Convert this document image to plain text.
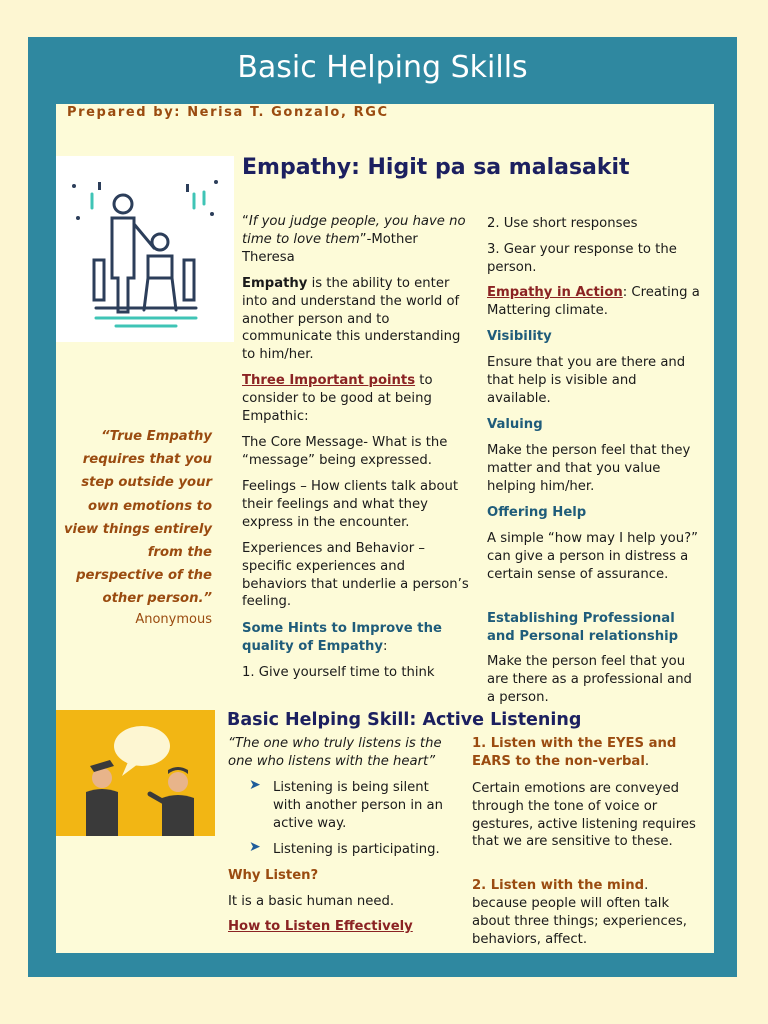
Basic Helping Skills
Prepared by: Nerisa T. Gonzalo, RGC
Empathy: Higit pa sa malasakit
“If you judge people, you have no time to love them”-Mother Theresa
Empathy is the ability to enter into and understand the world of another person and to communicate this understanding to him/her.
Three Important points to consider to be good at being Empathic:
The Core Message- What is the “message” being expressed.
Feelings – How clients talk about their feelings and what they express in the encounter.
Experiences and Behavior – specific experiences and behaviors that underlie a person’s feeling.
Some Hints to Improve the quality of Empathy:
1. Give yourself time to think
2. Use short responses
3. Gear your response to the person.
Empathy in Action: Creating a Mattering climate.
Visibility
Ensure that you are there and that help is visible and available.
Valuing
Make the person feel that they matter and that you value helping him/her.
Offering Help
A simple “how may I help you?” can give a person in distress a certain sense of assurance.
Establishing Professional and Personal relationship
Make the person feel that you are there as a professional and a person.
“True Empathy requires that you step outside your own emotions to view things entirely from the perspective of the other person.”
Anonymous
Basic Helping Skill: Active Listening
“The one who truly listens is the one who listens with the heart”
➤ Listening is being silent with another person in an active way.
➤ Listening is participating.
Why Listen?
It is a basic human need.
How to Listen Effectively
1. Listen with the EYES and EARS to the non-verbal.
Certain emotions are conveyed through the tone of voice or gestures, active listening requires that we are sensitive to these.
2. Listen with the mind.
because people will often talk about three things; experiences, behaviors, affect.
